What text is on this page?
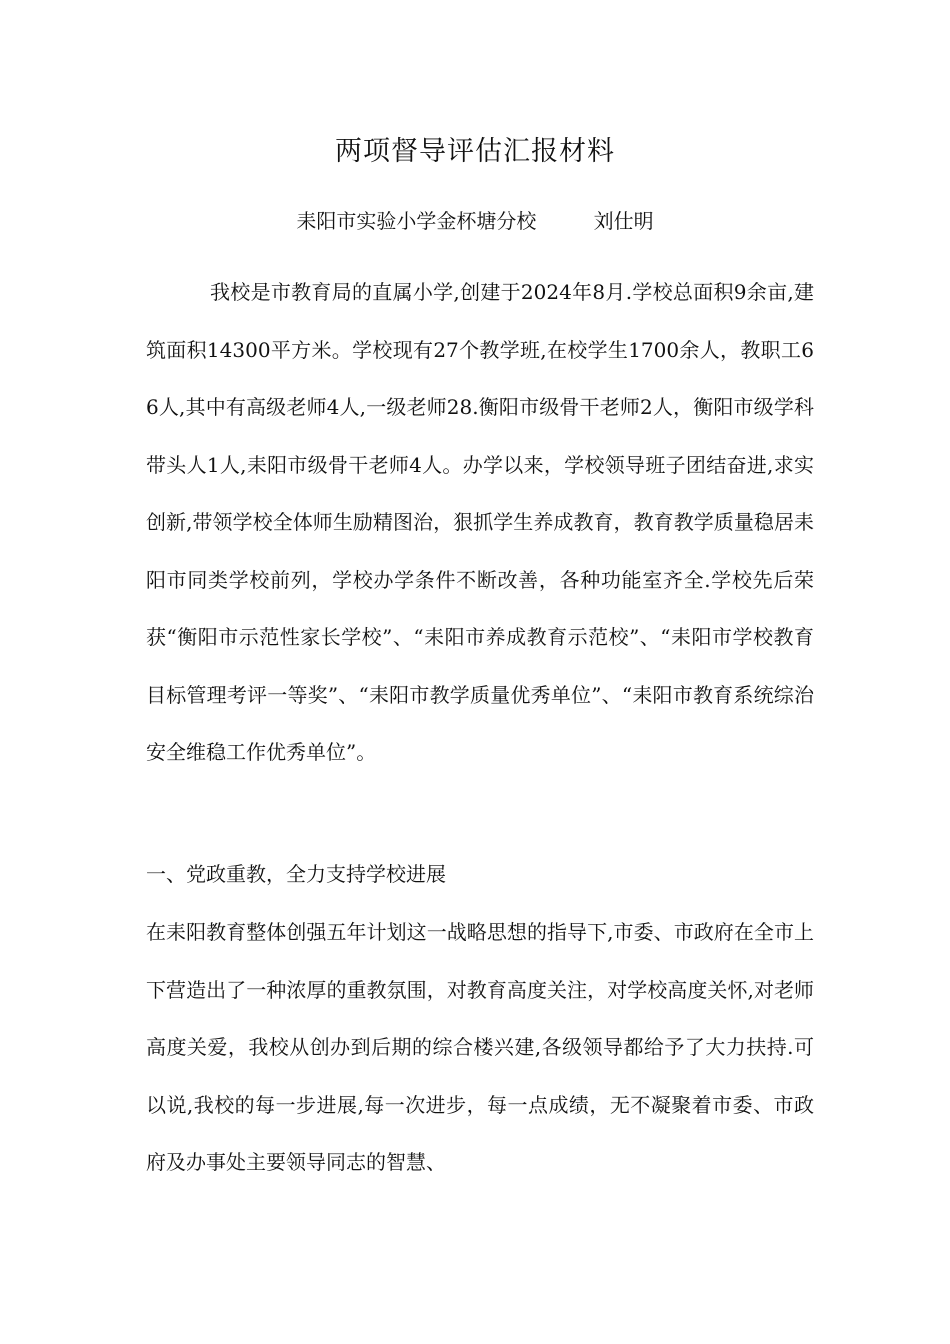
两项督导评估汇报材料
耒阳市实验小学金杯塘分校         刘仕明

我校是市教育局的直属小学,创建于2024年8月.学校总面积9余亩,建筑面积14300平方米。学校现有27个教学班,在校学生1700余人，教职工66人,其中有高级老师4人,一级老师28.衡阳市级骨干老师2人，衡阳市级学科带头人1人,耒阳市级骨干老师4人。办学以来，学校领导班子团结奋进,求实创新,带领学校全体师生励精图治，狠抓学生养成教育，教育教学质量稳居耒阳市同类学校前列，学校办学条件不断改善，各种功能室齐全.学校先后荣获“衡阳市示范性家长学校”、“耒阳市养成教育示范校”、“耒阳市学校教育目标管理考评一等奖”、“耒阳市教学质量优秀单位”、“耒阳市教育系统综治安全维稳工作优秀单位”。

一、党政重教，全力支持学校进展

在耒阳教育整体创强五年计划这一战略思想的指导下,市委、市政府在全市上下营造出了一种浓厚的重教氛围，对教育高度关注，对学校高度关怀,对老师高度关爱，我校从创办到后期的综合楼兴建,各级领导都给予了大力扶持.可以说,我校的每一步进展,每一次进步，每一点成绩，无不凝聚着市委、市政府及办事处主要领导同志的智慧、
